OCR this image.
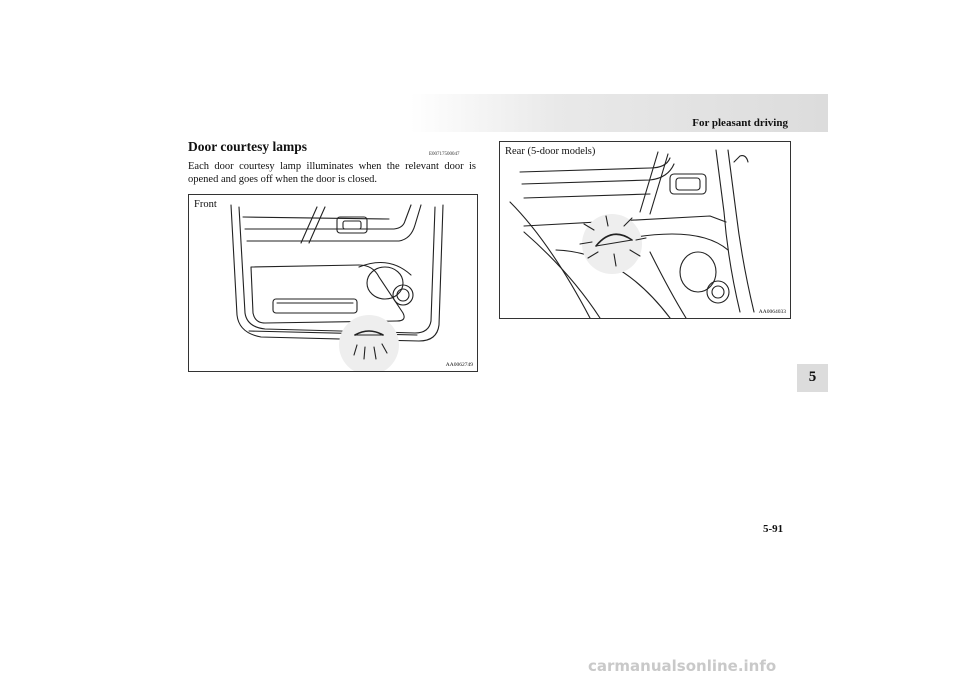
For pleasant driving
Door courtesy lamps
E00717500047
Each door courtesy lamp illuminates when the relevant door is opened and goes off when the door is closed.
Front
AA0062749
Rear (5-door models)
AA0064033
5
5-91
carmanualsonline.info
